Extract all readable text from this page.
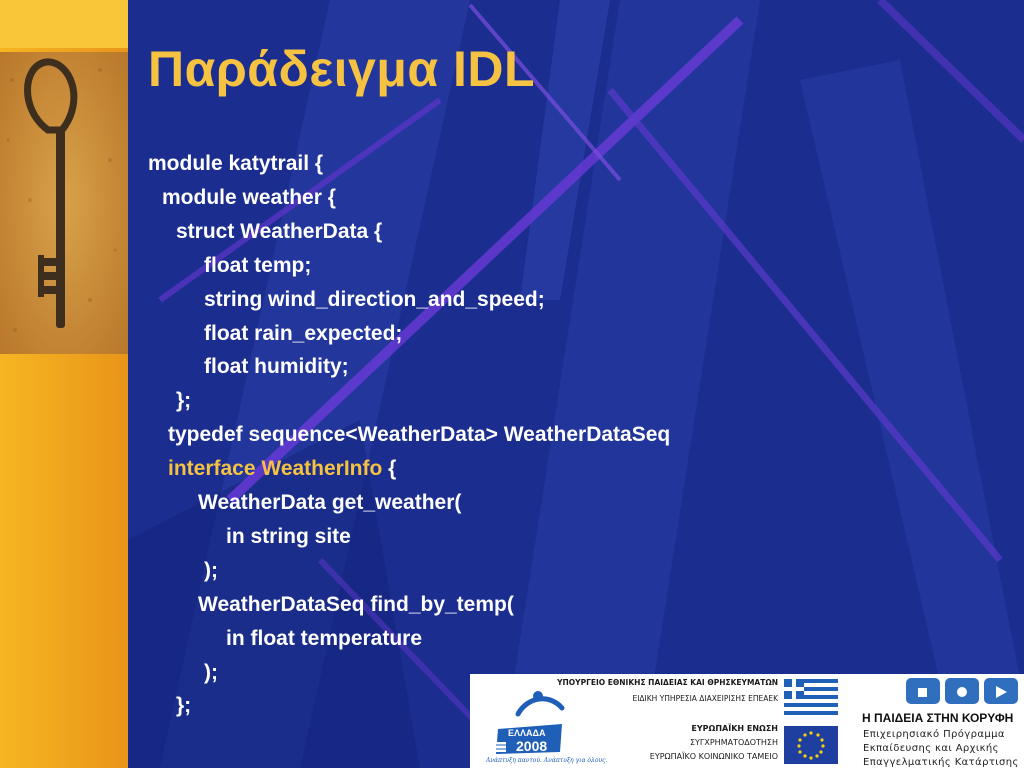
Παράδειγμα IDL
module katytrail {
module weather {
struct WeatherData {
float temp;
string wind_direction_and_speed;
float rain_expected;
float humidity;
};
typedef sequence<WeatherData> WeatherDataSeq
interface WeatherInfo {
WeatherData get_weather(
in string site
);
WeatherDataSeq find_by_temp(
in float temperature
);
};
ΕΛΛΑΔΑ
2008
Ανάπτυξη παντού. Ανάπτυξη για όλους.
ΥΠΟΥΡΓΕΙΟ ΕΘΝΙΚΗΣ ΠΑΙΔΕΙΑΣ ΚΑΙ ΘΡΗΣΚΕΥΜΑΤΩΝ
ΕΙΔΙΚΗ ΥΠΗΡΕΣΙΑ ΔΙΑΧΕΙΡΙΣΗΣ ΕΠΕΑΕΚ
ΕΥΡΩΠΑΪΚΗ ΕΝΩΣΗ
ΣΥΓΧΡΗΜΑΤΟΔΟΤΗΣΗ
ΕΥΡΩΠΑΪΚΟ ΚΟΙΝΩΝΙΚΟ ΤΑΜΕΙΟ
Η ΠΑΙΔΕΙΑ ΣΤΗΝ ΚΟΡΥΦΗ
Επιχειρησιακό Πρόγραμμα
Εκπαίδευσης και Αρχικής
Επαγγελματικής Κατάρτισης
